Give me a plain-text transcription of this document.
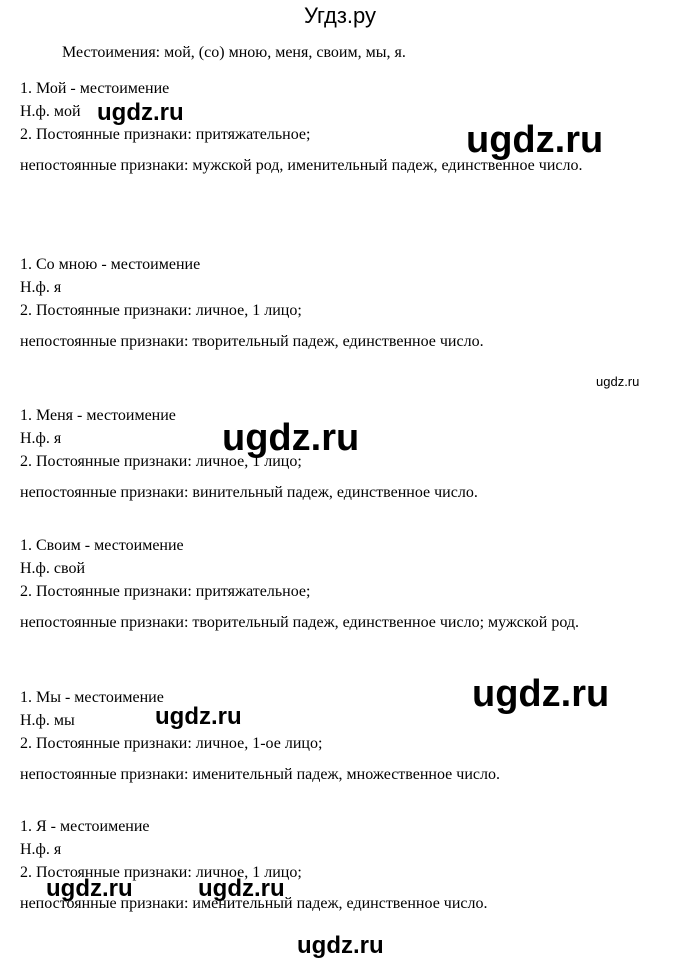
Угдз.ру
Местоимения: мой, (со) мною, меня, своим, мы, я.
1. Мой - местоимение
Н.ф. мой
2. Постоянные признаки: притяжательное;
непостоянные признаки: мужской род, именительный падеж, единственное число.
1. Со мною - местоимение
Н.ф. я
2. Постоянные признаки: личное, 1 лицо;
непостоянные признаки: творительный падеж, единственное число.
1. Меня - местоимение
Н.ф. я
2. Постоянные признаки: личное, 1 лицо;
непостоянные признаки: винительный падеж, единственное число.
1. Своим - местоимение
Н.ф. свой
2. Постоянные признаки: притяжательное;
непостоянные признаки: творительный падеж, единственное число; мужской род.
1. Мы - местоимение
Н.ф. мы
2. Постоянные признаки: личное, 1-ое лицо;
непостоянные признаки: именительный падеж, множественное число.
1. Я - местоимение
Н.ф. я
2. Постоянные признаки: личное, 1 лицо;
непостоянные признаки: именительный падеж, единственное число.
ugdz.ru
ugdz.ru
ugdz.ru
ugdz.ru
ugdz.ru
ugdz.ru
ugdz.ru	ugdz.ru
ugdz.ru
